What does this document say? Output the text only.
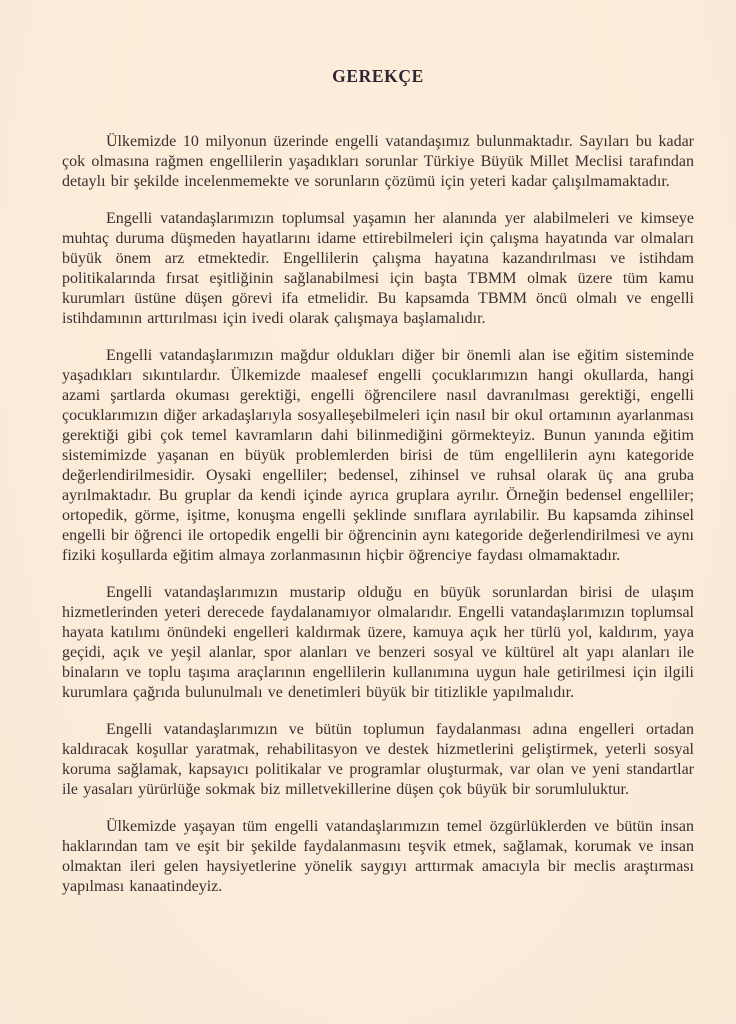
GEREKÇE

Ülkemizde 10 milyonun üzerinde engelli vatandaşımız bulunmaktadır. Sayıları bu kadar çok olmasına rağmen engellilerin yaşadıkları sorunlar Türkiye Büyük Millet Meclisi tarafından detaylı bir şekilde incelenmemekte ve sorunların çözümü için yeteri kadar çalışılmamaktadır.

Engelli vatandaşlarımızın toplumsal yaşamın her alanında yer alabilmeleri ve kimseye muhtaç duruma düşmeden hayatlarını idame ettirebilmeleri için çalışma hayatında var olmaları büyük önem arz etmektedir. Engellilerin çalışma hayatına kazandırılması ve istihdam politikalarında fırsat eşitliğinin sağlanabilmesi için başta TBMM olmak üzere tüm kamu kurumları üstüne düşen görevi ifa etmelidir. Bu kapsamda TBMM öncü olmalı ve engelli istihdamının arttırılması için ivedi olarak çalışmaya başlamalıdır.

Engelli vatandaşlarımızın mağdur oldukları diğer bir önemli alan ise eğitim sisteminde yaşadıkları sıkıntılardır. Ülkemizde maalesef engelli çocuklarımızın hangi okullarda, hangi azami şartlarda okuması gerektiği, engelli öğrencilere nasıl davranılması gerektiği, engelli çocuklarımızın diğer arkadaşlarıyla sosyalleşebilmeleri için nasıl bir okul ortamının ayarlanması gerektiği gibi çok temel kavramların dahi bilinmediğini görmekteyiz. Bunun yanında eğitim sistemimizde yaşanan en büyük problemlerden birisi de tüm engellilerin aynı kategoride değerlendirilmesidir. Oysaki engelliler; bedensel, zihinsel ve ruhsal olarak üç ana gruba ayrılmaktadır. Bu gruplar da kendi içinde ayrıca gruplara ayrılır. Örneğin bedensel engelliler; ortopedik, görme, işitme, konuşma engelli şeklinde sınıflara ayrılabilir. Bu kapsamda zihinsel engelli bir öğrenci ile ortopedik engelli bir öğrencinin aynı kategoride değerlendirilmesi ve aynı fiziki koşullarda eğitim almaya zorlanmasının hiçbir öğrenciye faydası olmamaktadır.

Engelli vatandaşlarımızın mustarip olduğu en büyük sorunlardan birisi de ulaşım hizmetlerinden yeteri derecede faydalanamıyor olmalarıdır. Engelli vatandaşlarımızın toplumsal hayata katılımı önündeki engelleri kaldırmak üzere, kamuya açık her türlü yol, kaldırım, yaya geçidi, açık ve yeşil alanlar, spor alanları ve benzeri sosyal ve kültürel alt yapı alanları ile binaların ve toplu taşıma araçlarının engellilerin kullanımına uygun hale getirilmesi için ilgili kurumlara çağrıda bulunulmalı ve denetimleri büyük bir titizlikle yapılmalıdır.

Engelli vatandaşlarımızın ve bütün toplumun faydalanması adına engelleri ortadan kaldıracak koşullar yaratmak, rehabilitasyon ve destek hizmetlerini geliştirmek, yeterli sosyal koruma sağlamak, kapsayıcı politikalar ve programlar oluşturmak, var olan ve yeni standartlar ile yasaları yürürlüğe sokmak biz milletvekillerine düşen çok büyük bir sorumluluktur.

Ülkemizde yaşayan tüm engelli vatandaşlarımızın temel özgürlüklerden ve bütün insan haklarından tam ve eşit bir şekilde faydalanmasını teşvik etmek, sağlamak, korumak ve insan olmaktan ileri gelen haysiyetlerine yönelik saygıyı arttırmak amacıyla bir meclis araştırması yapılması kanaatindeyiz.
